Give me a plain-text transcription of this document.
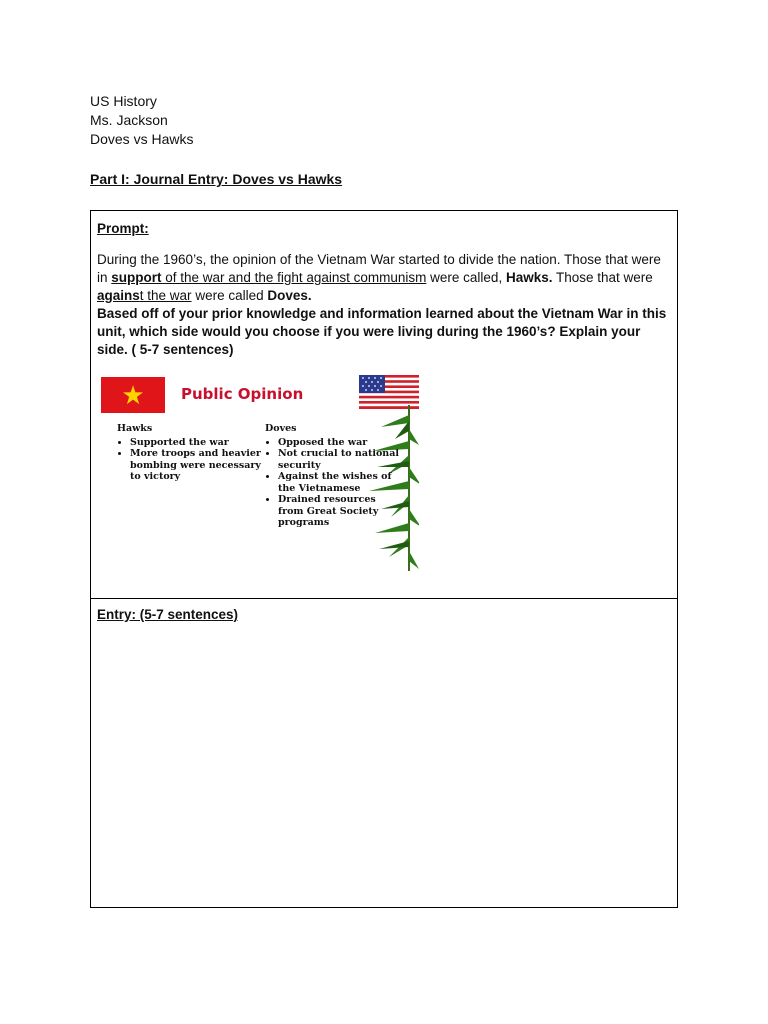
US History
Ms. Jackson
Doves vs Hawks
Part I: Journal Entry: Doves vs Hawks
Prompt:
During the 1960’s, the opinion of the Vietnam War started to divide the nation. Those that were in support of the war and the fight against communism were called, Hawks. Those that were against the war were called Doves.
Based off of your prior knowledge and information learned about the Vietnam War in this unit, which side would you choose if you were living during the 1960’s? Explain your side. ( 5-7 sentences)
★	Public Opinion
Hawks
• Supported the war
• More troops and heavier bombing were necessary to victory
Doves
• Opposed the war
• Not crucial to national security
• Against the wishes of the Vietnamese
• Drained resources from Great Society programs
Entry: (5-7 sentences)
